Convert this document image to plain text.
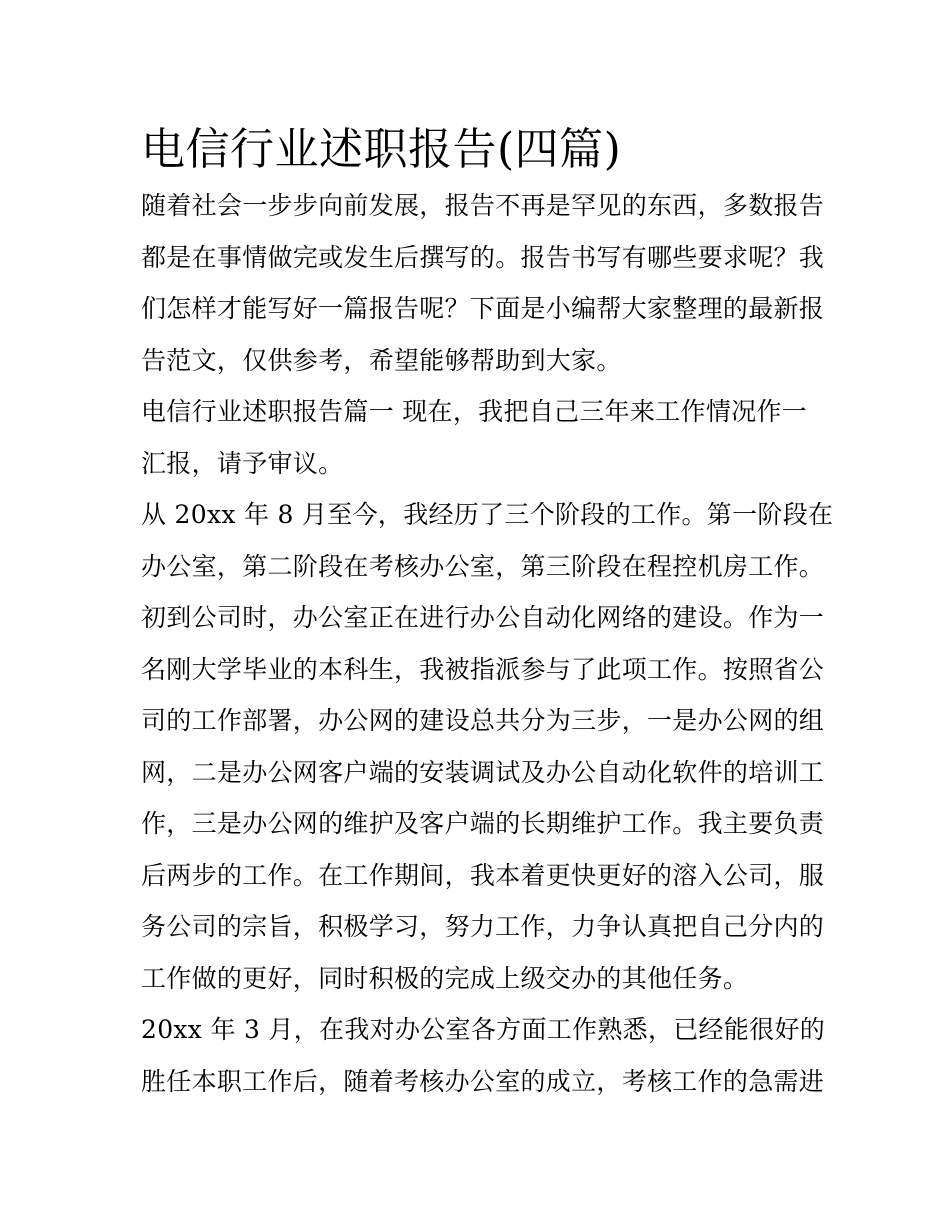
电信行业述职报告(四篇)
随着社会一步步向前发展，报告不再是罕见的东西，多数报告
都是在事情做完或发生后撰写的。报告书写有哪些要求呢？我
们怎样才能写好一篇报告呢？下面是小编帮大家整理的最新报
告范文，仅供参考，希望能够帮助到大家。
电信行业述职报告篇一 现在，我把自己三年来工作情况作一
汇报，请予审议。
从 20xx 年 8 月至今，我经历了三个阶段的工作。第一阶段在
办公室，第二阶段在考核办公室，第三阶段在程控机房工作。
初到公司时，办公室正在进行办公自动化网络的建设。作为一
名刚大学毕业的本科生，我被指派参与了此项工作。按照省公
司的工作部署，办公网的建设总共分为三步，一是办公网的组
网，二是办公网客户端的安装调试及办公自动化软件的培训工
作，三是办公网的维护及客户端的长期维护工作。我主要负责
后两步的工作。在工作期间，我本着更快更好的溶入公司，服
务公司的宗旨，积极学习，努力工作，力争认真把自己分内的
工作做的更好，同时积极的完成上级交办的其他任务。
20xx 年 3 月，在我对办公室各方面工作熟悉，已经能很好的
胜任本职工作后，随着考核办公室的成立，考核工作的急需进
